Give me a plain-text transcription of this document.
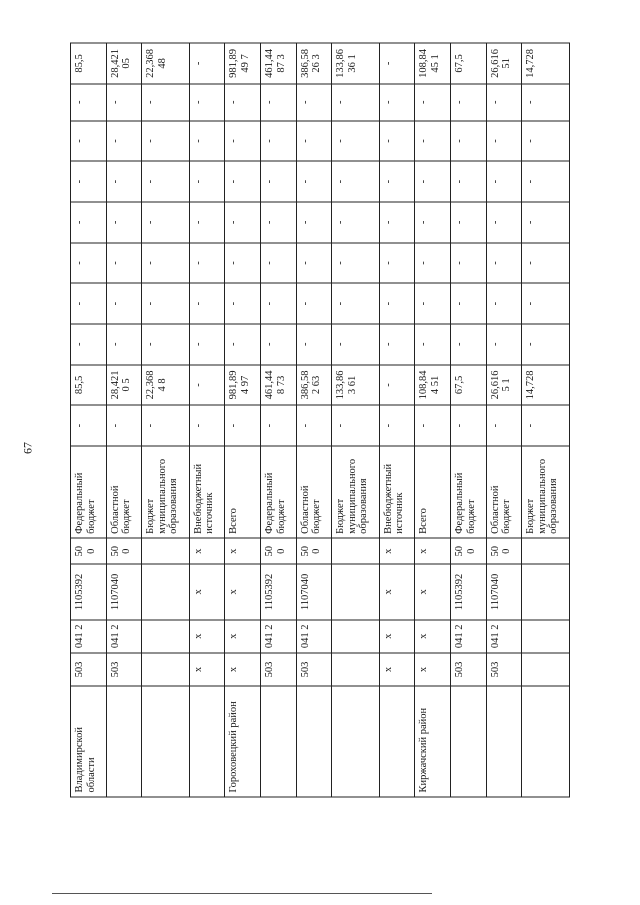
67
Владимирской области	503	041 2	1105392	50 0	Федеральный бюджет	-	85,5	-	-	-	-	-	-	-	85,5
	503	041 2	1107040	50 0	Областной бюджет	-	28,4210 5	-	-	-	-	-	-	-	28,42105
					Бюджет муниципального образования	-	22,3684 8	-	-	-	-	-	-	-	22,36848
	x	x	x	x	Внебюджетный источник	-	-	-	-	-	-	-	-	-	-
Гороховецкий район	x	x	x	x	Всего	-	981,894 97	-	-	-	-	-	-	-	981,8949 7
	503	041 2	1105392	50 0	Федеральный бюджет	-	461,448 73	-	-	-	-	-	-	-	461,4487 3
	503	041 2	1107040	50 0	Областной бюджет	-	386,582 63	-	-	-	-	-	-	-	386,5826 3
					Бюджет муниципального образования	-	133,863 61	-	-	-	-	-	-	-	133,8636 1
	x	x	x	x	Внебюджетный источник	-	-	-	-	-	-	-	-	-	-
Киржачский район	x	x	x	x	Всего	-	108,844 51	-	-	-	-	-	-	-	108,8445 1
	503	041 2	1105392	50 0	Федеральный бюджет	-	67,5	-	-	-	-	-	-	-	67,5
	503	041 2	1107040	50 0	Областной бюджет	-	26,6165 1	-	-	-	-	-	-	-	26,61651
					Бюджет муниципального образования	-	14,728	-	-	-	-	-	-	-	14,728
